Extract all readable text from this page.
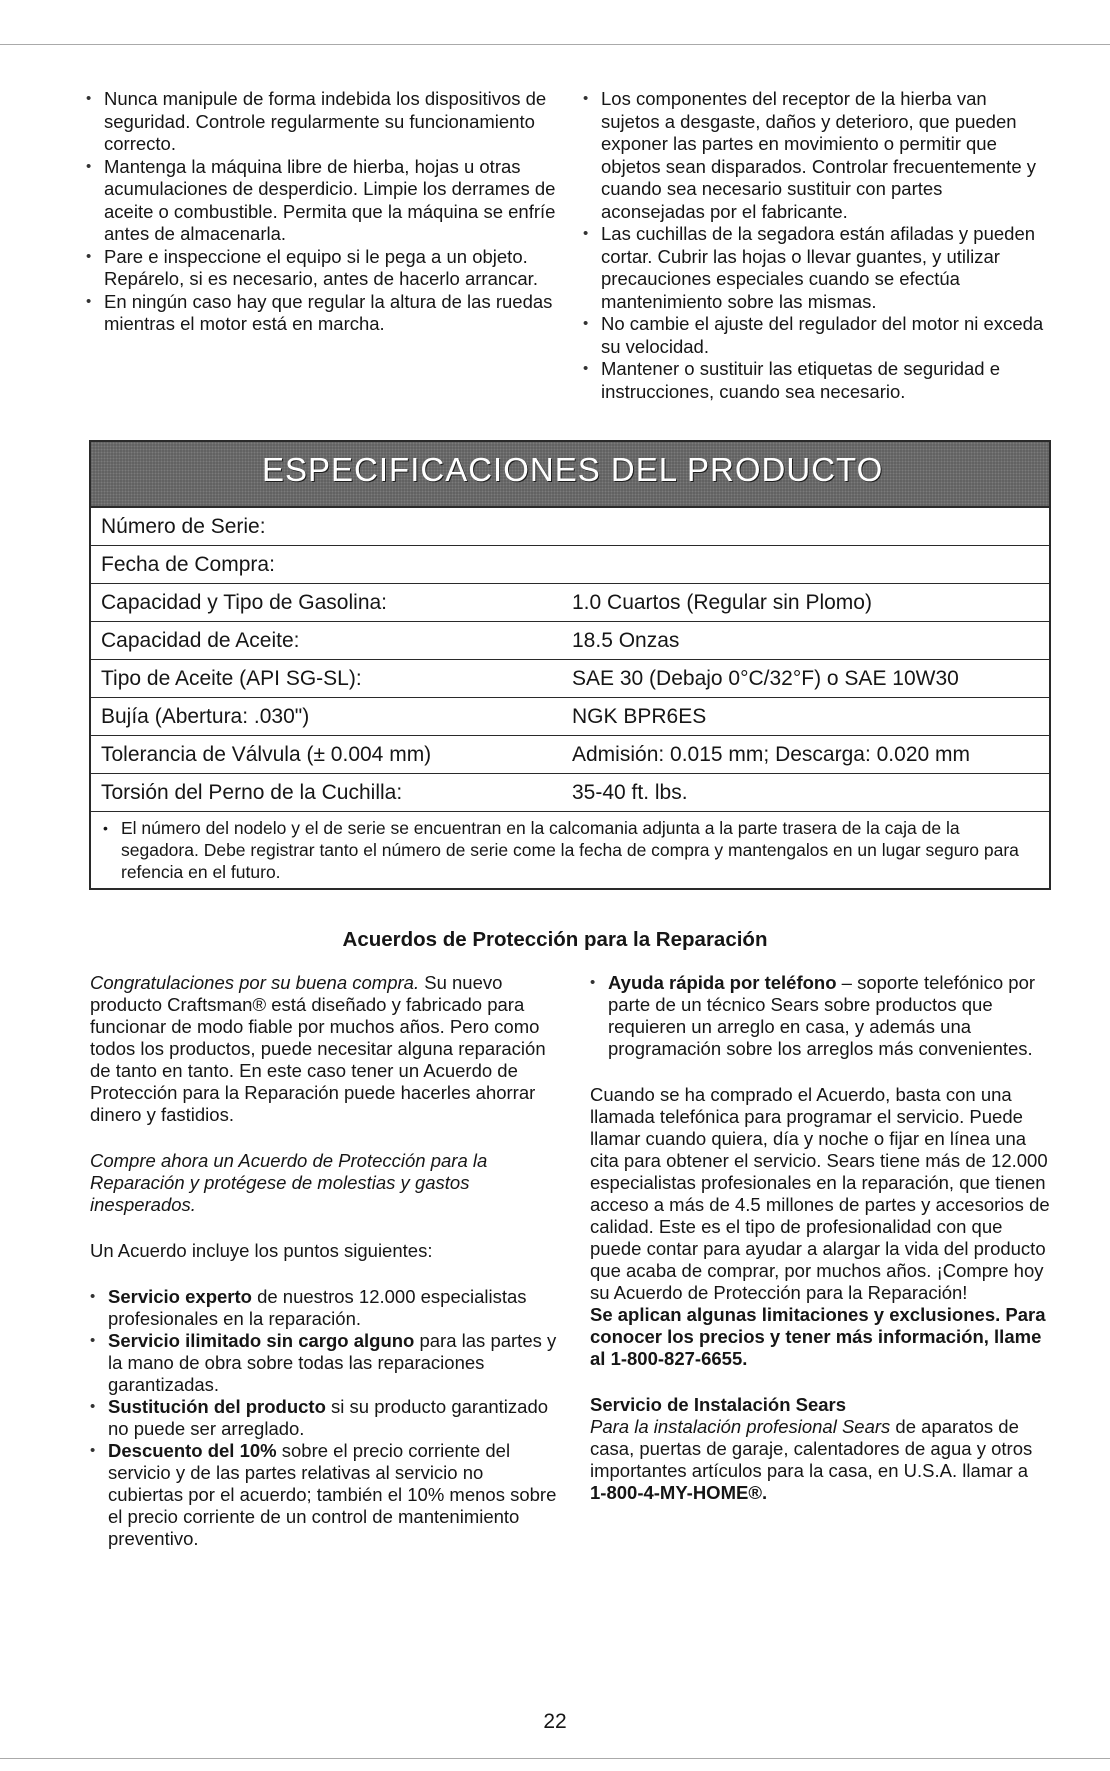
• Nunca manipule de forma indebida los dispositivos de seguridad. Controle regularmente su funcionamiento correcto.
• Mantenga la máquina libre de hierba, hojas u otras acumulaciones de desperdicio. Limpie los derrames de aceite o combustible. Permita que la máquina se enfríe antes de almacenarla.
• Pare e inspeccione el equipo si le pega a un objeto. Repárelo, si es necesario, antes de hacerlo arrancar.
• En ningún caso hay que regular la altura de las ruedas mientras el motor está en marcha.
• Los componentes del receptor de la hierba van sujetos a desgaste, daños y deterioro, que pueden exponer las partes en movimiento o permitir que objetos sean disparados. Controlar frecuentemente y cuando sea necesario sustituir con partes aconsejadas por el fabricante.
• Las cuchillas de la segadora están afiladas y pueden cortar. Cubrir las hojas o llevar guantes, y utilizar precauciones especiales cuando se efectúa mantenimiento sobre las mismas.
• No cambie el ajuste del regulador del motor ni exceda su velocidad.
• Mantener o sustituir las etiquetas de seguridad e instrucciones, cuando sea necesario.
ESPECIFICACIONES DEL PRODUCTO
Número de Serie:
Fecha de Compra:
Capacidad y Tipo de Gasolina:	1.0 Cuartos (Regular sin Plomo)
Capacidad de Aceite:	18.5 Onzas
Tipo de Aceite (API SG-SL):	SAE 30 (Debajo 0°C/32°F) o SAE 10W30
Bujía (Abertura: .030")	NGK BPR6ES
Tolerancia de Válvula (± 0.004 mm)	Admisión: 0.015 mm; Descarga: 0.020 mm
Torsión del Perno de la Cuchilla:	35-40 ft. lbs.
• El número del nodelo y el de serie se encuentran en la calcomania adjunta a la parte trasera de la caja de la segadora. Debe registrar tanto el número de serie come la fecha de compra y mantengalos en un lugar seguro para refencia en el futuro.
Acuerdos de Protección para la Reparación

Congratulaciones por su buena compra. Su nuevo producto Craftsman® está diseñado y fabricado para funcionar de modo fiable por muchos años. Pero como todos los productos, puede necesitar alguna reparación de tanto en tanto. En este caso tener un Acuerdo de Protección para la Reparación puede hacerles ahorrar dinero y fastidios.

Compre ahora un Acuerdo de Protección para la Reparación y protégese de molestias y gastos inesperados.

Un Acuerdo incluye los puntos siguientes:

• Servicio experto de nuestros 12.000 especialistas profesionales en la reparación.
• Servicio ilimitado sin cargo alguno para las partes y la mano de obra sobre todas las reparaciones garantizadas.
• Sustitución del producto si su producto garantizado no puede ser arreglado.
• Descuento del 10% sobre el precio corriente del servicio y de las partes relativas al servicio no cubiertas por el acuerdo; también el 10% menos sobre el precio corriente de un control de mantenimiento preventivo.
• Ayuda rápida por teléfono – soporte telefónico por parte de un técnico Sears sobre productos que requieren un arreglo en casa, y además una programación sobre los arreglos más convenientes.

Cuando se ha comprado el Acuerdo, basta con una llamada telefónica para programar el servicio. Puede llamar cuando quiera, día y noche o fijar en línea una cita para obtener el servicio. Sears tiene más de 12.000 especialistas profesionales en la reparación, que tienen acceso a más de 4.5 millones de partes y accesorios de calidad. Este es el tipo de profesionalidad con que puede contar para ayudar a alargar la vida del producto que acaba de comprar, por muchos años. ¡Compre hoy su Acuerdo de Protección para la Reparación!

Se aplican algunas limitaciones y exclusiones. Para conocer los precios y tener más información, llame al 1-800-827-6655.

Servicio de Instalación Sears

Para la instalación profesional Sears de aparatos de casa, puertas de garaje, calentadores de agua y otros importantes artículos para la casa, en U.S.A. llamar a
1-800-4-MY-HOME®.

22
